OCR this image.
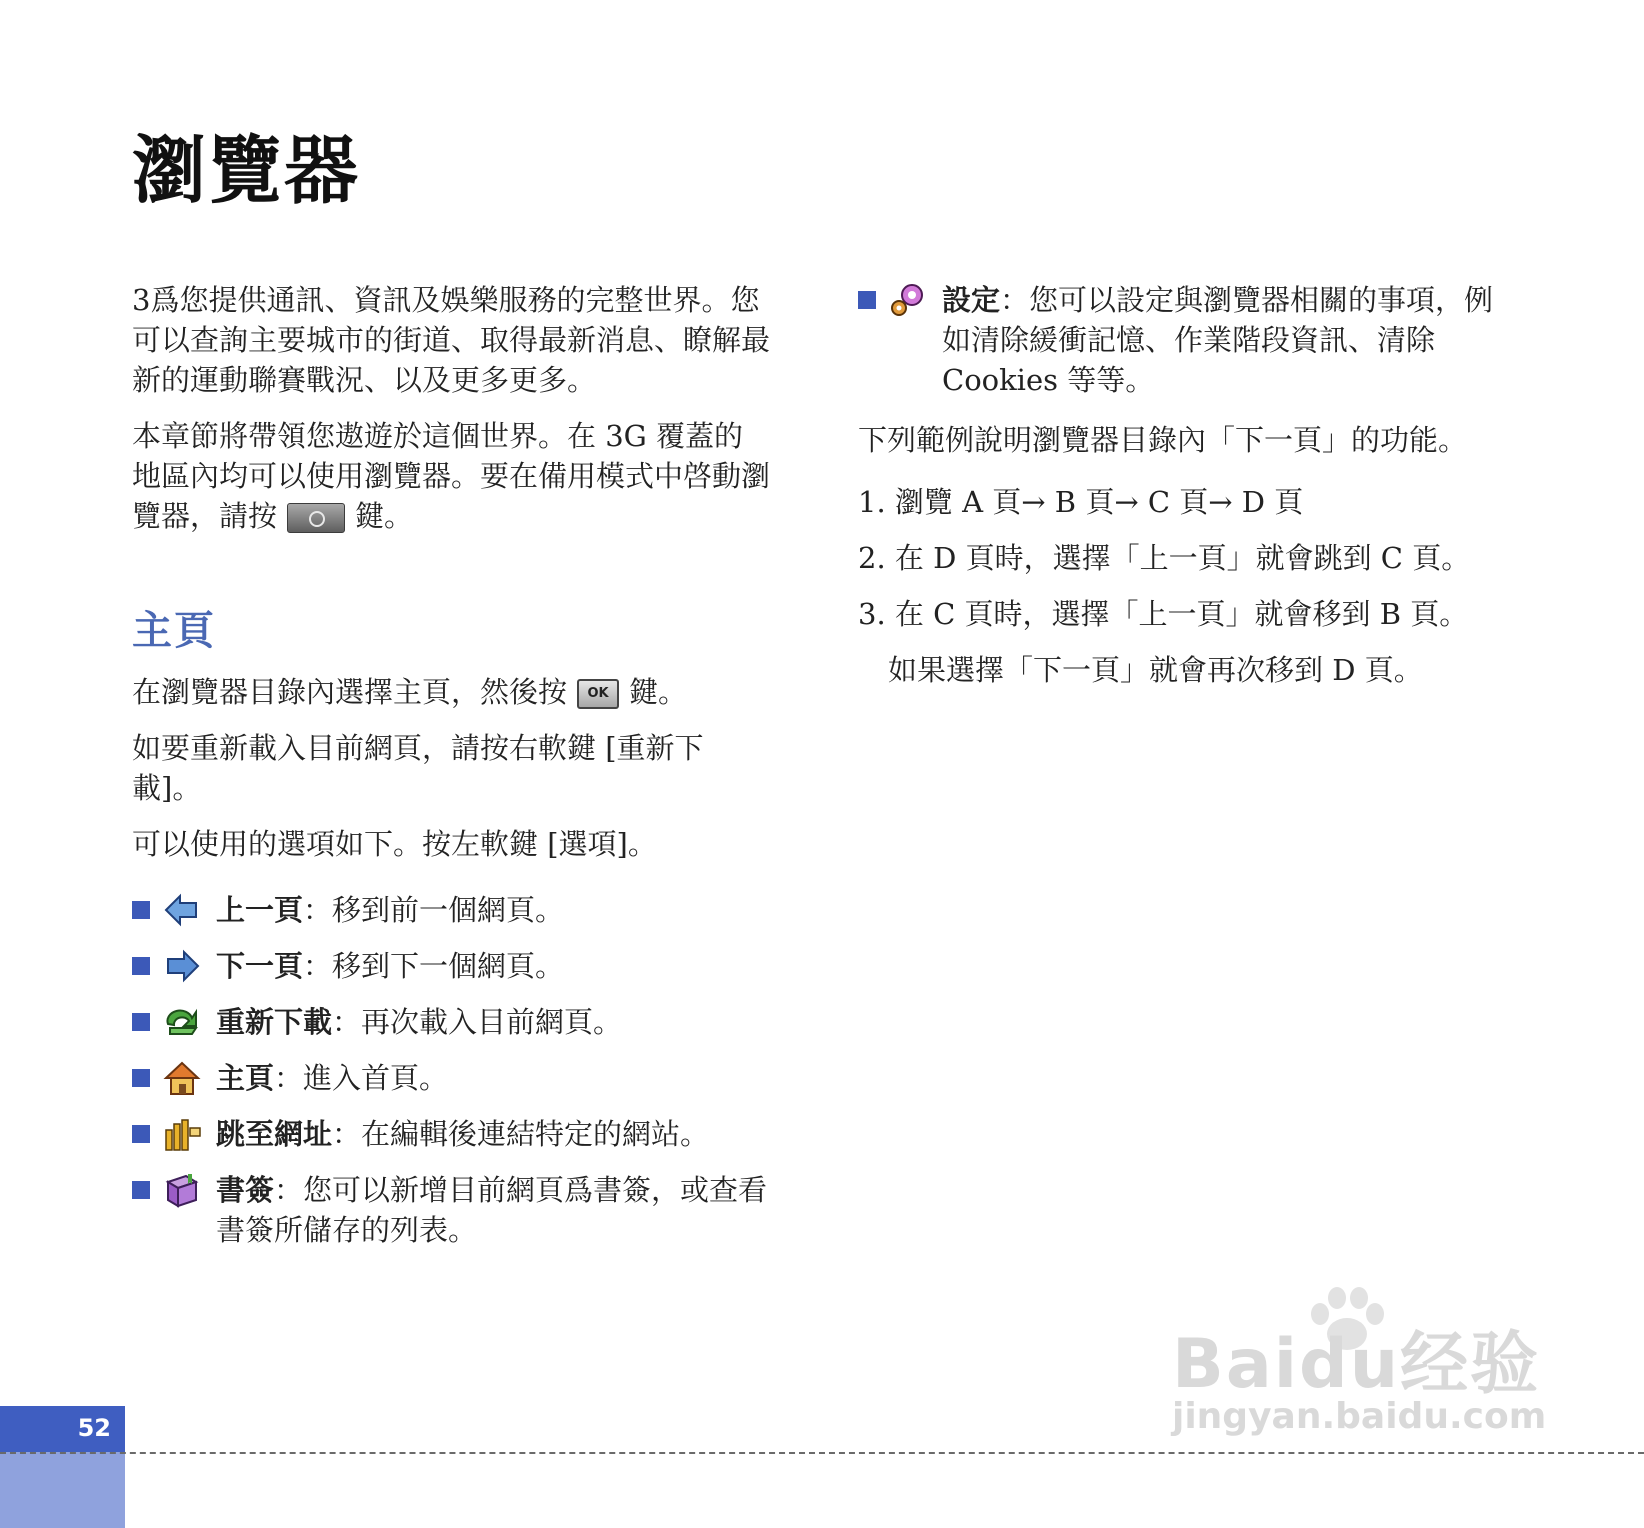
瀏覽器

3爲您提供通訊、資訊及娛樂服務的完整世界。您可以查詢主要城市的街道、取得最新消息、瞭解最新的運動聯賽戰況、以及更多更多。

本章節將帶領您遨遊於這個世界。在 3G 覆蓋的地區內均可以使用瀏覽器。要在備用模式中啓動瀏覽器，請按	鍵。

主頁

在瀏覽器目錄內選擇主頁，然後按 OK 鍵。

如要重新載入目前網頁，請按右軟鍵 [重新下載]。

可以使用的選項如下。按左軟鍵 [選項]。

上一頁：移到前一個網頁。
下一頁：移到下一個網頁。
重新下載：再次載入目前網頁。
主頁：進入首頁。
跳至網址：在編輯後連結特定的網站。
書簽：您可以新增目前網頁爲書簽，或查看書簽所儲存的列表。
設定：您可以設定與瀏覽器相關的事項，例如清除緩衝記憶、作業階段資訊、清除 Cookies 等等。

下列範例說明瀏覽器目錄內「下一頁」的功能。

1. 瀏覽 A 頁→ B 頁→ C 頁→ D 頁
2. 在 D 頁時，選擇「上一頁」就會跳到 C 頁。
3. 在 C 頁時，選擇「上一頁」就會移到 B 頁。

如果選擇「下一頁」就會再次移到 D 頁。

Baidu经验
jingyan.baidu.com
52
